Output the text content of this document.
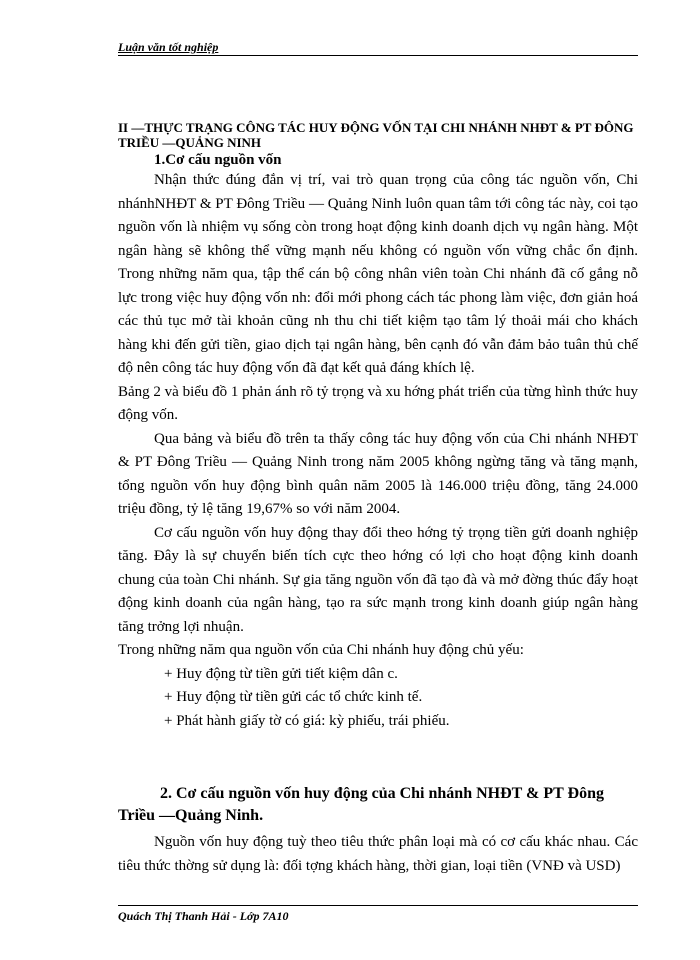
Luận văn tốt nghiệp
II —THỰC TRẠNG CÔNG TÁC HUY ĐỘNG VỐN TẠI CHI NHÁNH NHĐT & PT ĐÔNG TRIỀU —QUẢNG NINH
1.Cơ cấu nguồn vốn

Nhận thức đúng đắn vị trí, vai trò quan trọng của công tác nguồn vốn, Chi nhánhNHĐT & PT Đông Triều — Quảng Ninh luôn quan tâm tới công tác này, coi tạo nguồn vốn là nhiệm vụ sống còn trong hoạt động kinh doanh dịch vụ ngân hàng. Một ngân hàng sẽ không thể vững mạnh nếu không có nguồn vốn vững chắc ổn định. Trong những năm qua, tập thể cán bộ công nhân viên toàn Chi nhánh đã cố gắng nỗ lực trong việc huy động vốn nh: đổi mới phong cách tác phong làm việc, đơn giản hoá các thủ tục mở tài khoản cũng nh thu chi tiết kiệm tạo tâm lý thoải mái cho khách hàng khi đến gửi tiền, giao dịch tại ngân hàng, bên cạnh đó vẫn đảm bảo tuân thủ chế độ nên công tác huy động vốn đã đạt kết quả đáng khích lệ.

Bảng 2 và biểu đồ 1 phản ánh rõ tỷ trọng và xu hớng phát triển của từng hình thức huy động vốn.

Qua bảng và biểu đồ trên ta thấy công tác huy động vốn của Chi nhánh NHĐT & PT Đông Triều — Quảng Ninh trong năm 2005 không ngừng tăng và tăng mạnh, tổng nguồn vốn huy động bình quân năm 2005 là 146.000 triệu đồng, tăng 24.000 triệu đồng, tỷ lệ tăng 19,67% so với năm 2004.

Cơ cấu nguồn vốn huy động thay đổi theo hớng tỷ trọng tiền gửi doanh nghiệp tăng. Đây là sự chuyển biến tích cực theo hớng có lợi cho hoạt động kinh doanh chung của toàn Chi nhánh. Sự gia tăng nguồn vốn đã tạo đà và mở đờng thúc đẩy hoạt động kinh doanh của ngân hàng, tạo ra sức mạnh trong kinh doanh giúp ngân hàng tăng trởng lợi nhuận.

Trong những năm qua nguồn vốn của Chi nhánh huy động chủ yếu:

+ Huy động từ tiền gửi tiết kiệm dân c.
+ Huy động từ tiền gửi các tổ chức kinh tế.
+ Phát hành giấy tờ có giá: kỳ phiếu, trái phiếu.
2. Cơ cấu nguồn vốn huy động của Chi nhánh NHĐT & PT Đông Triều —Quảng Ninh.

Nguồn vốn huy động tuỳ theo tiêu thức phân loại mà có cơ cấu khác nhau. Các tiêu thức thờng sử dụng là: đối tợng khách hàng, thời gian, loại tiền (VNĐ và USD)

Quách Thị Thanh Hải - Lớp 7A10
